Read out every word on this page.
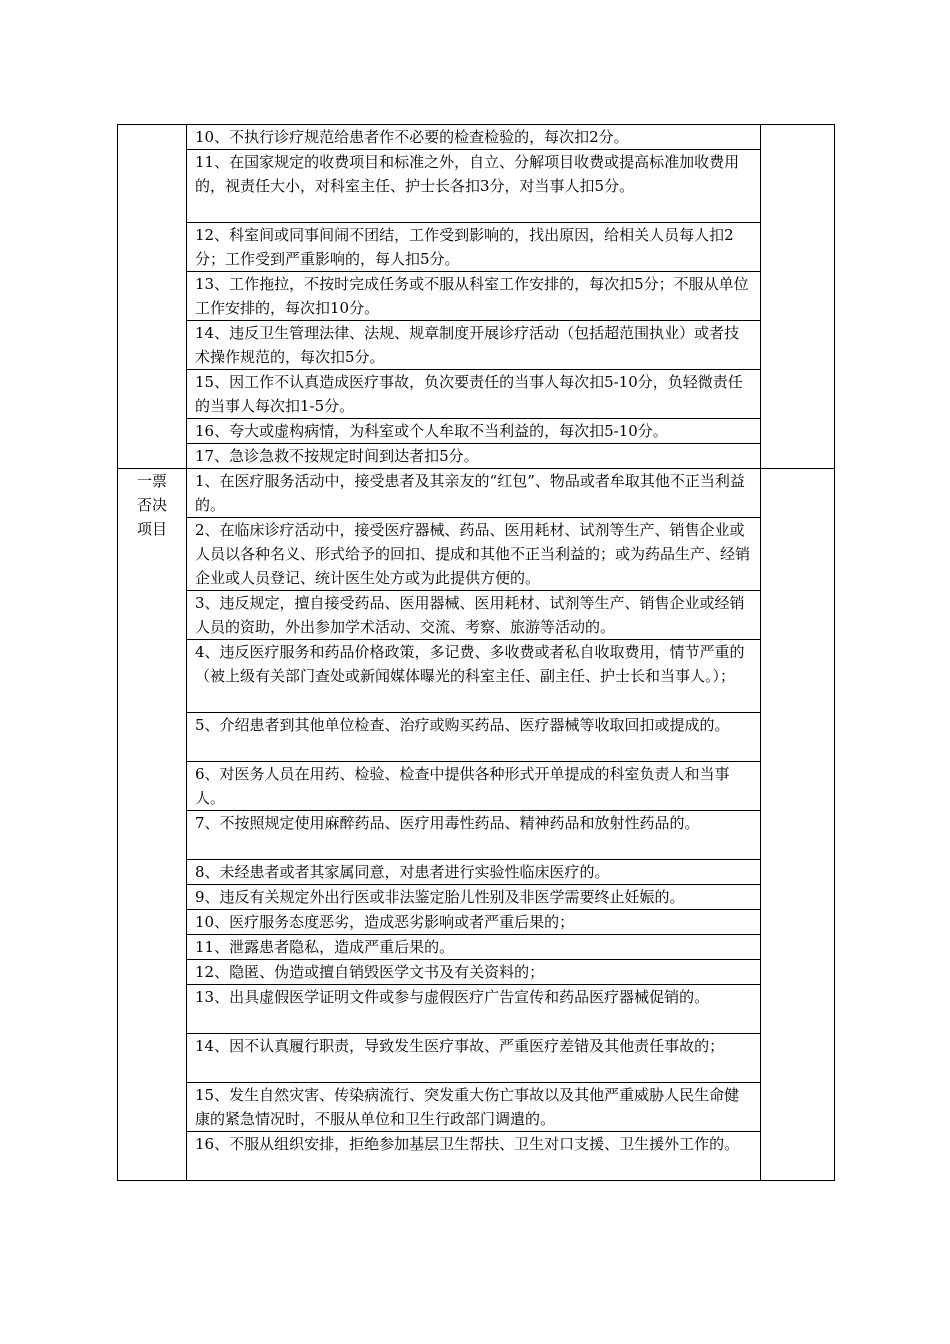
	10、不执行诊疗规范给患者作不必要的检查检验的，每次扣2分。	
	11、在国家规定的收费项目和标准之外，自立、分解项目收费或提高标准加收费用的，视责任大小，对科室主任、护士长各扣3分，对当事人扣5分。	
	12、科室间或同事间闹不团结，工作受到影响的，找出原因，给相关人员每人扣2分；工作受到严重影响的，每人扣5分。	
	13、工作拖拉，不按时完成任务或不服从科室工作安排的，每次扣5分；不服从单位工作安排的，每次扣10分。	
	14、违反卫生管理法律、法规、规章制度开展诊疗活动（包括超范围执业）或者技术操作规范的，每次扣5分。	
	15、因工作不认真造成医疗事故，负次要责任的当事人每次扣5-10分，负轻微责任的当事人每次扣1-5分。	
	16、夸大或虚构病情，为科室或个人牟取不当利益的，每次扣5-10分。	
	17、急诊急救不按规定时间到达者扣5分。	

一票否决项目	1、在医疗服务活动中，接受患者及其亲友的“红包”、物品或者牟取其他不正当利益的。	
	2、在临床诊疗活动中，接受医疗器械、药品、医用耗材、试剂等生产、销售企业或人员以各种名义、形式给予的回扣、提成和其他不正当利益的；或为药品生产、经销企业或人员登记、统计医生处方或为此提供方便的。	
	3、违反规定，擅自接受药品、医用器械、医用耗材、试剂等生产、销售企业或经销人员的资助，外出参加学术活动、交流、考察、旅游等活动的。	
	4、违反医疗服务和药品价格政策，多记费、多收费或者私自收取费用，情节严重的（被上级有关部门查处或新闻媒体曝光的科室主任、副主任、护士长和当事人。）；	
	5、介绍患者到其他单位检查、治疗或购买药品、医疗器械等收取回扣或提成的。	
	6、对医务人员在用药、检验、检查中提供各种形式开单提成的科室负责人和当事人。	
	7、不按照规定使用麻醉药品、医疗用毒性药品、精神药品和放射性药品的。	
	8、未经患者或者其家属同意，对患者进行实验性临床医疗的。	
	9、违反有关规定外出行医或非法鉴定胎儿性别及非医学需要终止妊娠的。	
	10、医疗服务态度恶劣，造成恶劣影响或者严重后果的；	
	11、泄露患者隐私，造成严重后果的。	
	12、隐匿、伪造或擅自销毁医学文书及有关资料的；	
	13、出具虚假医学证明文件或参与虚假医疗广告宣传和药品医疗器械促销的。	
	14、因不认真履行职责，导致发生医疗事故、严重医疗差错及其他责任事故的；	
	15、发生自然灾害、传染病流行、突发重大伤亡事故以及其他严重威胁人民生命健康的紧急情况时，不服从单位和卫生行政部门调遣的。	
	16、不服从组织安排，拒绝参加基层卫生帮扶、卫生对口支援、卫生援外工作的。	
